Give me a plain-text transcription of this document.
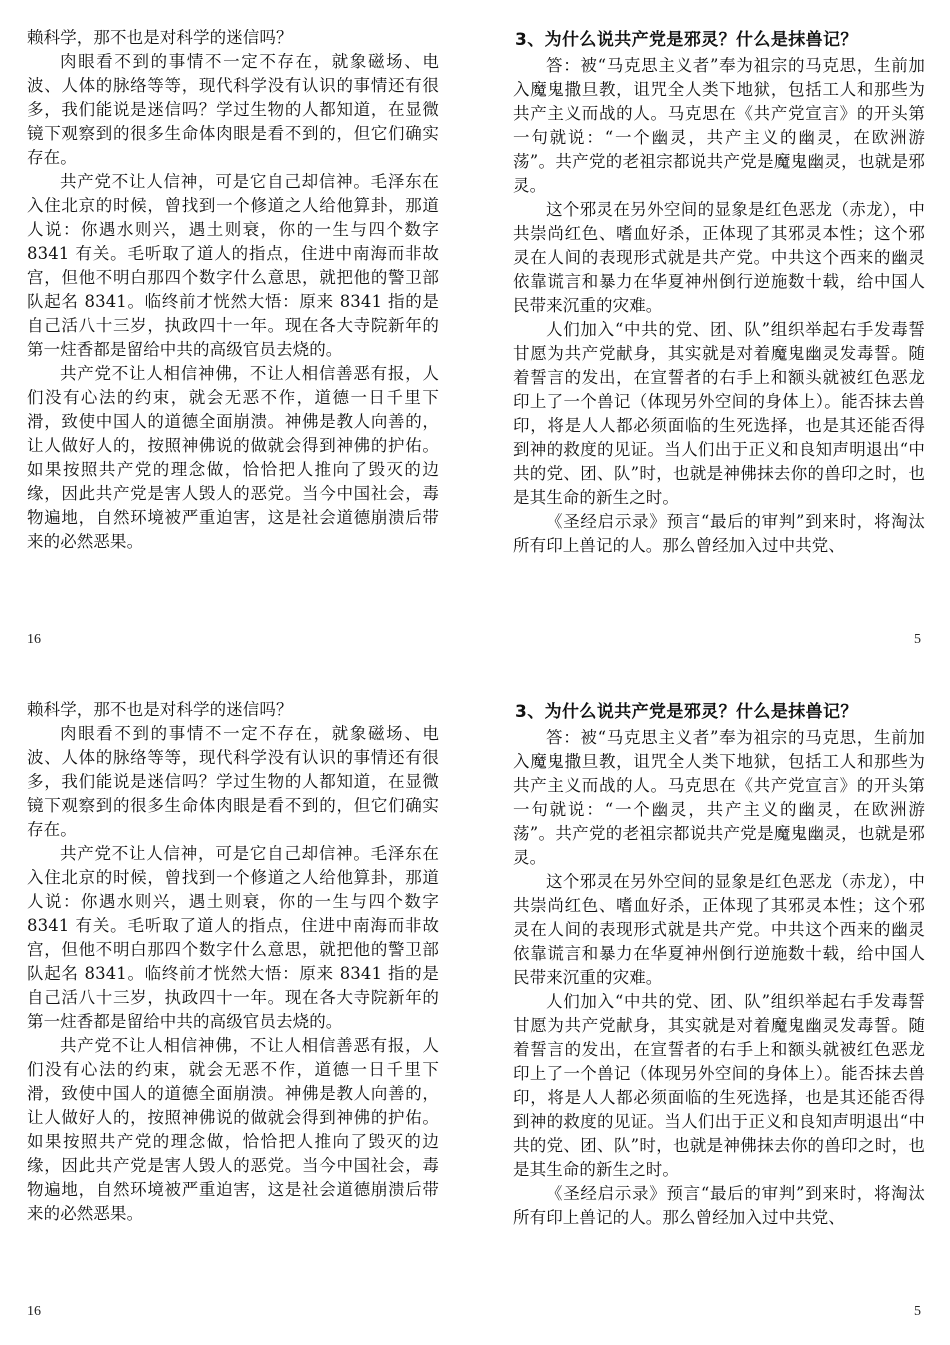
赖科学，那不也是对科学的迷信吗？

肉眼看不到的事情不一定不存在，就象磁场、电波、人体的脉络等等，现代科学没有认识的事情还有很多，我们能说是迷信吗？学过生物的人都知道，在显微镜下观察到的很多生命体肉眼是看不到的，但它们确实存在。

共产党不让人信神，可是它自己却信神。毛泽东在入住北京的时候，曾找到一个修道之人给他算卦，那道人说：你遇水则兴，遇土则衰，你的一生与四个数字 8341 有关。毛听取了道人的指点，住进中南海而非故宫，但他不明白那四个数字什么意思，就把他的警卫部队起名 8341。临终前才恍然大悟：原来 8341 指的是自己活八十三岁，执政四十一年。现在各大寺院新年的第一炷香都是留给中共的高级官员去烧的。

共产党不让人相信神佛，不让人相信善恶有报，人们没有心法的约束，就会无恶不作，道德一日千里下滑，致使中国人的道德全面崩溃。神佛是教人向善的，让人做好人的，按照神佛说的做就会得到神佛的护佑。如果按照共产党的理念做，恰恰把人推向了毁灭的边缘，因此共产党是害人毁人的恶党。当今中国社会，毒物遍地，自然环境被严重迫害，这是社会道德崩溃后带来的必然恶果。

3、为什么说共产党是邪灵？什么是抹兽记？

答：被“马克思主义者”奉为祖宗的马克思，生前加入魔鬼撒旦教，诅咒全人类下地狱，包括工人和那些为共产主义而战的人。马克思在《共产党宣言》的开头第一句就说：“一个幽灵，共产主义的幽灵，在欧洲游荡”。共产党的老祖宗都说共产党是魔鬼幽灵，也就是邪灵。

这个邪灵在另外空间的显象是红色恶龙（赤龙），中共崇尚红色、嗜血好杀，正体现了其邪灵本性；这个邪灵在人间的表现形式就是共产党。中共这个西来的幽灵依靠谎言和暴力在华夏神州倒行逆施数十载，给中国人民带来沉重的灾难。

人们加入“中共的党、团、队”组织举起右手发毒誓甘愿为共产党献身，其实就是对着魔鬼幽灵发毒誓。随着誓言的发出，在宣誓者的右手上和额头就被红色恶龙印上了一个兽记（体现另外空间的身体上）。能否抹去兽印，将是人人都必须面临的生死选择，也是其还能否得到神的救度的见证。当人们出于正义和良知声明退出“中共的党、团、队”时，也就是神佛抹去你的兽印之时，也是其生命的新生之时。

《圣经启示录》预言“最后的审判”到来时，将淘汰所有印上兽记的人。那么曾经加入过中共党、

16	5

赖科学，那不也是对科学的迷信吗？

肉眼看不到的事情不一定不存在，就象磁场、电波、人体的脉络等等，现代科学没有认识的事情还有很多，我们能说是迷信吗？学过生物的人都知道，在显微镜下观察到的很多生命体肉眼是看不到的，但它们确实存在。

共产党不让人信神，可是它自己却信神。毛泽东在入住北京的时候，曾找到一个修道之人给他算卦，那道人说：你遇水则兴，遇土则衰，你的一生与四个数字 8341 有关。毛听取了道人的指点，住进中南海而非故宫，但他不明白那四个数字什么意思，就把他的警卫部队起名 8341。临终前才恍然大悟：原来 8341 指的是自己活八十三岁，执政四十一年。现在各大寺院新年的第一炷香都是留给中共的高级官员去烧的。

共产党不让人相信神佛，不让人相信善恶有报，人们没有心法的约束，就会无恶不作，道德一日千里下滑，致使中国人的道德全面崩溃。神佛是教人向善的，让人做好人的，按照神佛说的做就会得到神佛的护佑。如果按照共产党的理念做，恰恰把人推向了毁灭的边缘，因此共产党是害人毁人的恶党。当今中国社会，毒物遍地，自然环境被严重迫害，这是社会道德崩溃后带来的必然恶果。

3、为什么说共产党是邪灵？什么是抹兽记？

答：被“马克思主义者”奉为祖宗的马克思，生前加入魔鬼撒旦教，诅咒全人类下地狱，包括工人和那些为共产主义而战的人。马克思在《共产党宣言》的开头第一句就说：“一个幽灵，共产主义的幽灵，在欧洲游荡”。共产党的老祖宗都说共产党是魔鬼幽灵，也就是邪灵。

这个邪灵在另外空间的显象是红色恶龙（赤龙），中共崇尚红色、嗜血好杀，正体现了其邪灵本性；这个邪灵在人间的表现形式就是共产党。中共这个西来的幽灵依靠谎言和暴力在华夏神州倒行逆施数十载，给中国人民带来沉重的灾难。

人们加入“中共的党、团、队”组织举起右手发毒誓甘愿为共产党献身，其实就是对着魔鬼幽灵发毒誓。随着誓言的发出，在宣誓者的右手上和额头就被红色恶龙印上了一个兽记（体现另外空间的身体上）。能否抹去兽印，将是人人都必须面临的生死选择，也是其还能否得到神的救度的见证。当人们出于正义和良知声明退出“中共的党、团、队”时，也就是神佛抹去你的兽印之时，也是其生命的新生之时。

《圣经启示录》预言“最后的审判”到来时，将淘汰所有印上兽记的人。那么曾经加入过中共党、

16	5
